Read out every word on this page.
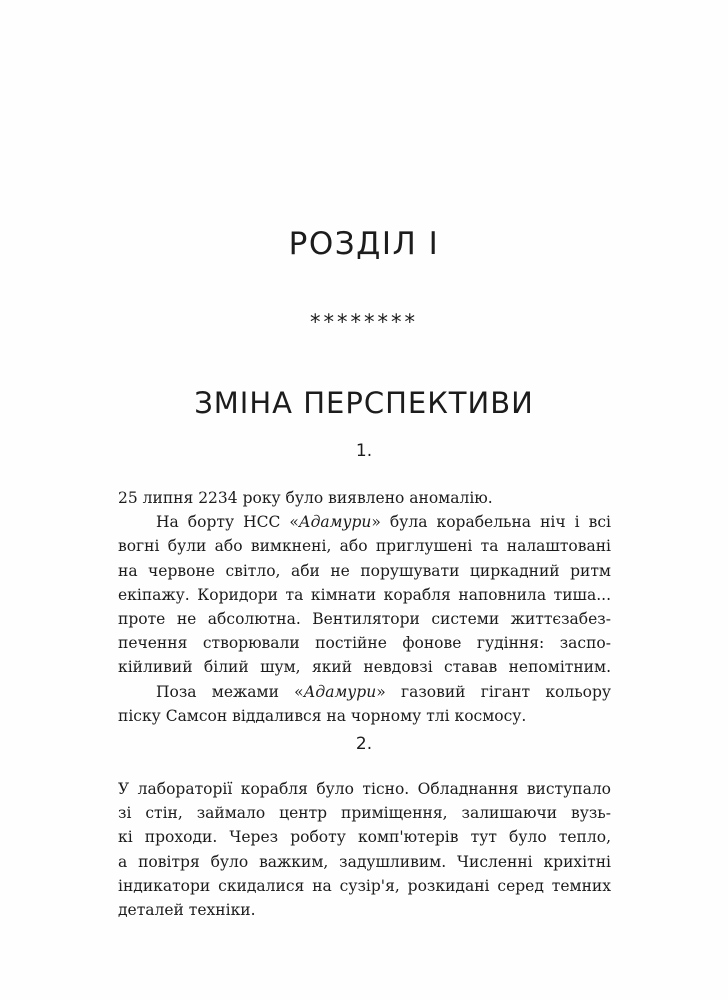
РОЗДІЛ І
********
ЗМІНА ПЕРСПЕКТИВИ
1.
25 липня 2234 року було виявлено аномалію.
На борту НСС «Адамури» була корабельна ніч і всі
вогні були або вимкнені, або приглушені та налаштовані
на червоне світло, аби не порушувати циркадний ритм
екіпажу. Коридори та кімнати корабля наповнила тиша...
проте не абсолютна. Вентилятори системи життєзабез-
печення створювали постійне фонове гудіння: заспо-
кійливий білий шум, який невдовзі ставав непомітним.
Поза межами «Адамури» газовий гігант кольору
піску Самсон віддалився на чорному тлі космосу.
2.
У лабораторії корабля було тісно. Обладнання виступало
зі стін, займало центр приміщення, залишаючи вузь-
кі проходи. Через роботу комп'ютерів тут було тепло,
а повітря було важким, задушливим. Численні крихітні
індикатори скидалися на сузір'я, розкидані серед темних
деталей техніки.
